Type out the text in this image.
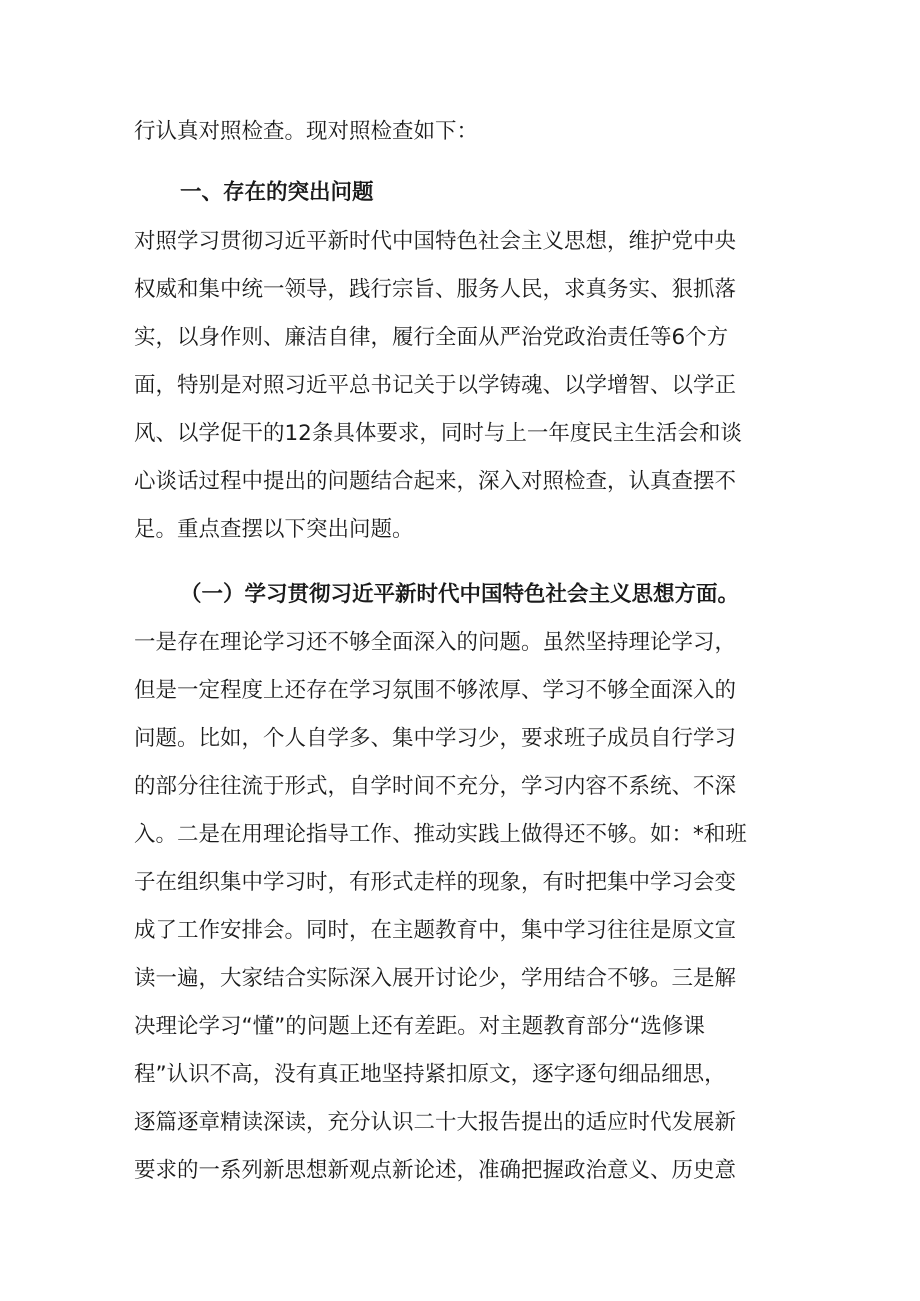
行认真对照检查。现对照检查如下：
一、存在的突出问题
对照学习贯彻习近平新时代中国特色社会主义思想，维护党中央
权威和集中统一领导，践行宗旨、服务人民，求真务实、狠抓落
实，以身作则、廉洁自律，履行全面从严治党政治责任等6个方
面，特别是对照习近平总书记关于以学铸魂、以学增智、以学正
风、以学促干的12条具体要求，同时与上一年度民主生活会和谈
心谈话过程中提出的问题结合起来，深入对照检查，认真查摆不
足。重点查摆以下突出问题。
（一）学习贯彻习近平新时代中国特色社会主义思想方面。
一是存在理论学习还不够全面深入的问题。虽然坚持理论学习，
但是一定程度上还存在学习氛围不够浓厚、学习不够全面深入的
问题。比如，个人自学多、集中学习少，要求班子成员自行学习
的部分往往流于形式，自学时间不充分，学习内容不系统、不深
入。二是在用理论指导工作、推动实践上做得还不够。如：*和班
子在组织集中学习时，有形式走样的现象，有时把集中学习会变
成了工作安排会。同时，在主题教育中，集中学习往往是原文宣
读一遍，大家结合实际深入展开讨论少，学用结合不够。三是解
决理论学习“懂”的问题上还有差距。对主题教育部分“选修课
程”认识不高，没有真正地坚持紧扣原文，逐字逐句细品细思，
逐篇逐章精读深读，充分认识二十大报告提出的适应时代发展新
要求的一系列新思想新观点新论述，准确把握政治意义、历史意
